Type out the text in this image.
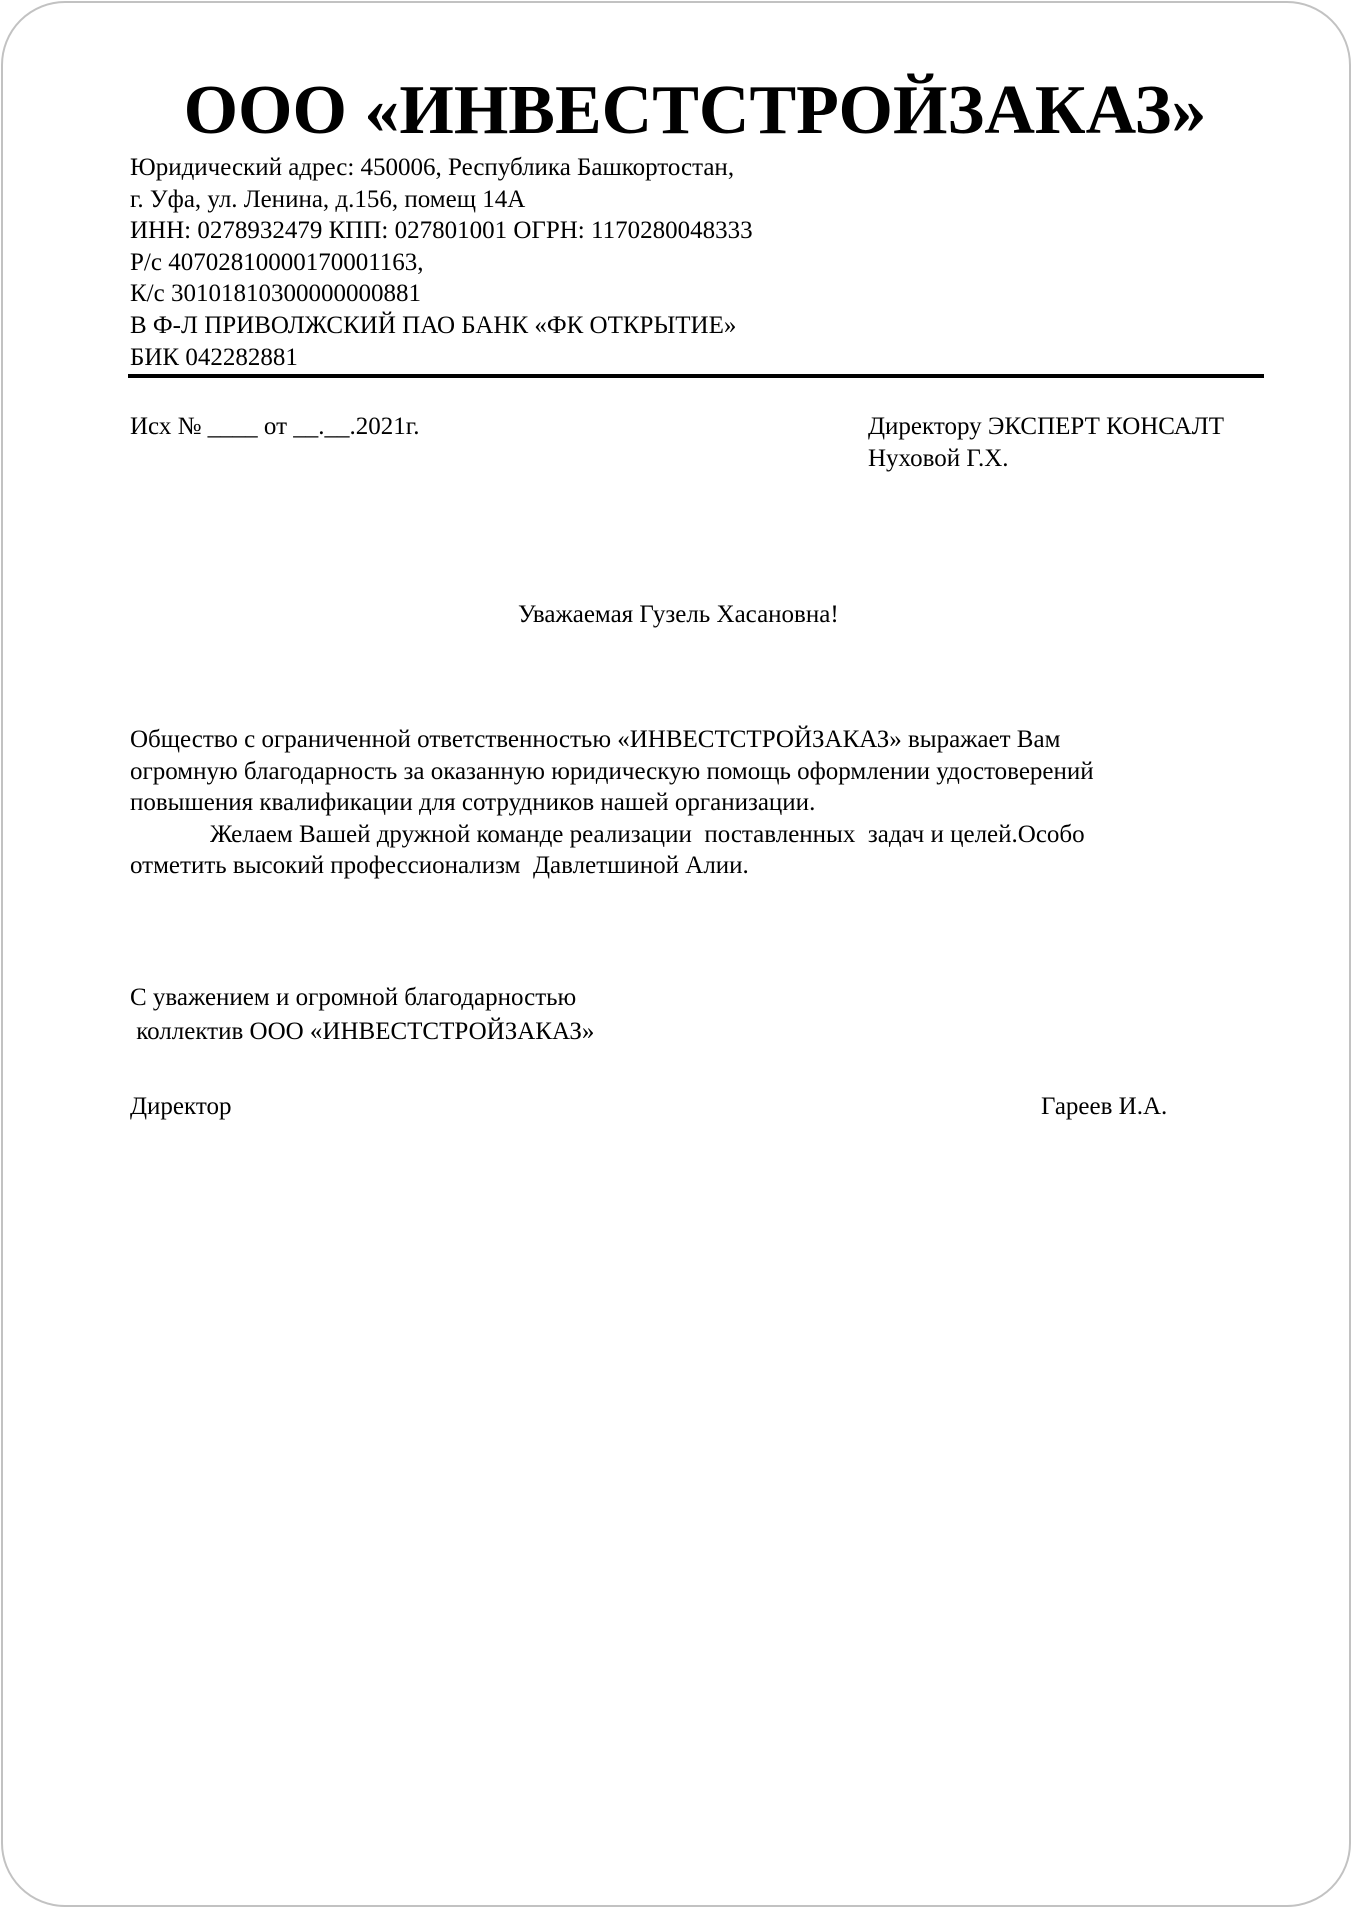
ООО «ИНВЕСТСТРОЙЗАКАЗ»
Юридический адрес: 450006, Республика Башкортостан,
г. Уфа, ул. Ленина, д.156, помещ 14А
ИНН: 0278932479 КПП: 027801001 ОГРН: 1170280048333
Р/с 40702810000170001163,
К/с 30101810300000000881
В Ф-Л ПРИВОЛЖСКИЙ ПАО БАНК «ФК ОТКРЫТИЕ»
БИК 042282881
Исх № ____ от __.__.2021г.	Директору ЭКСПЕРТ КОНСАЛТ
Нуховой Г.Х.
Уважаемая Гузель Хасановна!
Общество с ограниченной ответственностью «ИНВЕСТСТРОЙЗАКАЗ» выражает Вам
огромную благодарность за оказанную юридическую помощь оформлении удостоверений
повышения квалификации для сотрудников нашей организации.
Желаем Вашей дружной команде реализации  поставленных  задач и целей.Особо
отметить высокий профессионализм  Давлетшиной Алии.
С уважением и огромной благодарностью
коллектив ООО «ИНВЕСТСТРОЙЗАКАЗ»
Директор	Гареев И.А.
